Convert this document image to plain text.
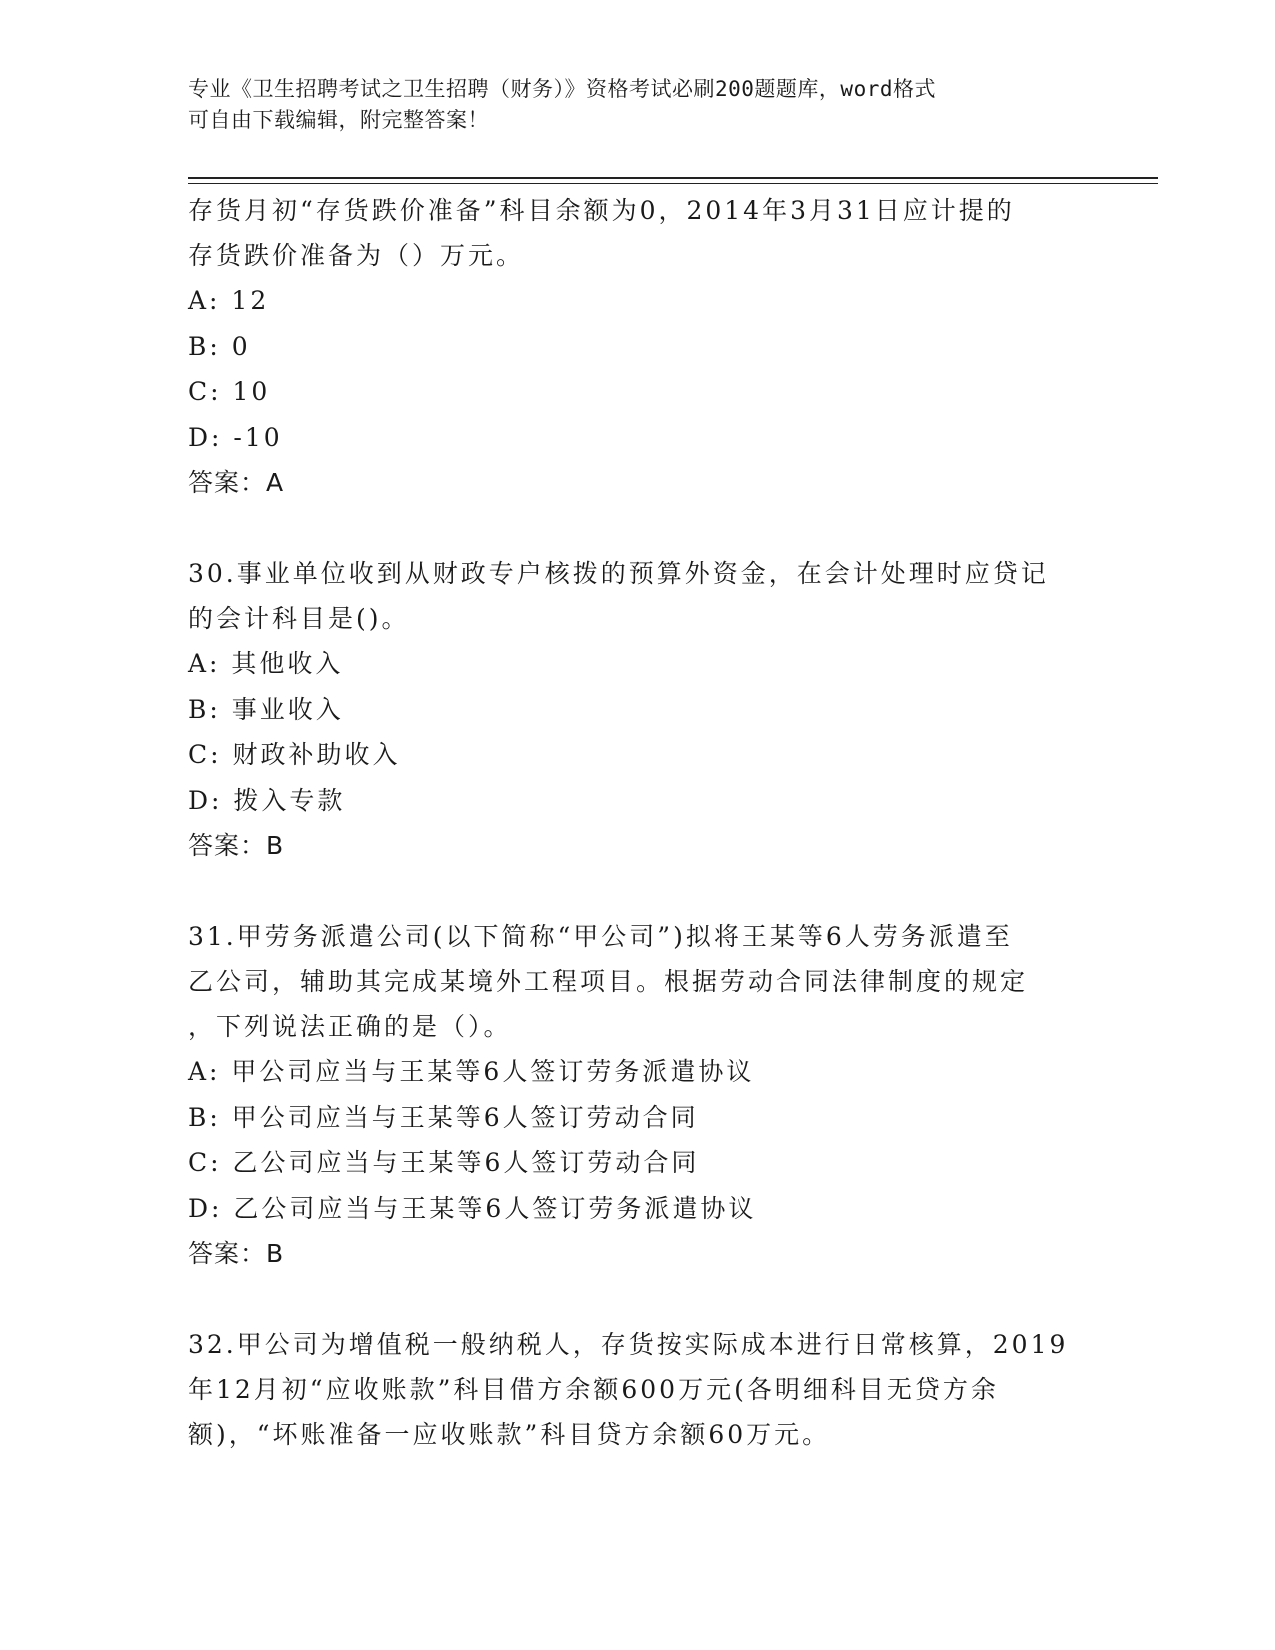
专业《卫生招聘考试之卫生招聘（财务）》资格考试必刷200题题库，word格式
可自由下载编辑，附完整答案！
存货月初“存货跌价准备”科目余额为0，2014年3月31日应计提的
存货跌价准备为（）万元。
A: 12
B: 0
C: 10
D: -10
答案：A
30.事业单位收到从财政专户核拨的预算外资金，在会计处理时应贷记
的会计科目是()。
A: 其他收入
B: 事业收入
C: 财政补助收入
D: 拨入专款
答案：B
31.甲劳务派遣公司(以下简称“甲公司”)拟将王某等6人劳务派遣至
乙公司，辅助其完成某境外工程项目。根据劳动合同法律制度的规定
，下列说法正确的是（）。
A: 甲公司应当与王某等6人签订劳务派遣协议
B: 甲公司应当与王某等6人签订劳动合同
C: 乙公司应当与王某等6人签订劳动合同
D: 乙公司应当与王某等6人签订劳务派遣协议
答案：B
32.甲公司为增值税一般纳税人，存货按实际成本进行日常核算，2019
年12月初“应收账款”科目借方余额600万元(各明细科目无贷方余
额)，“坏账准备一应收账款”科目贷方余额60万元。
